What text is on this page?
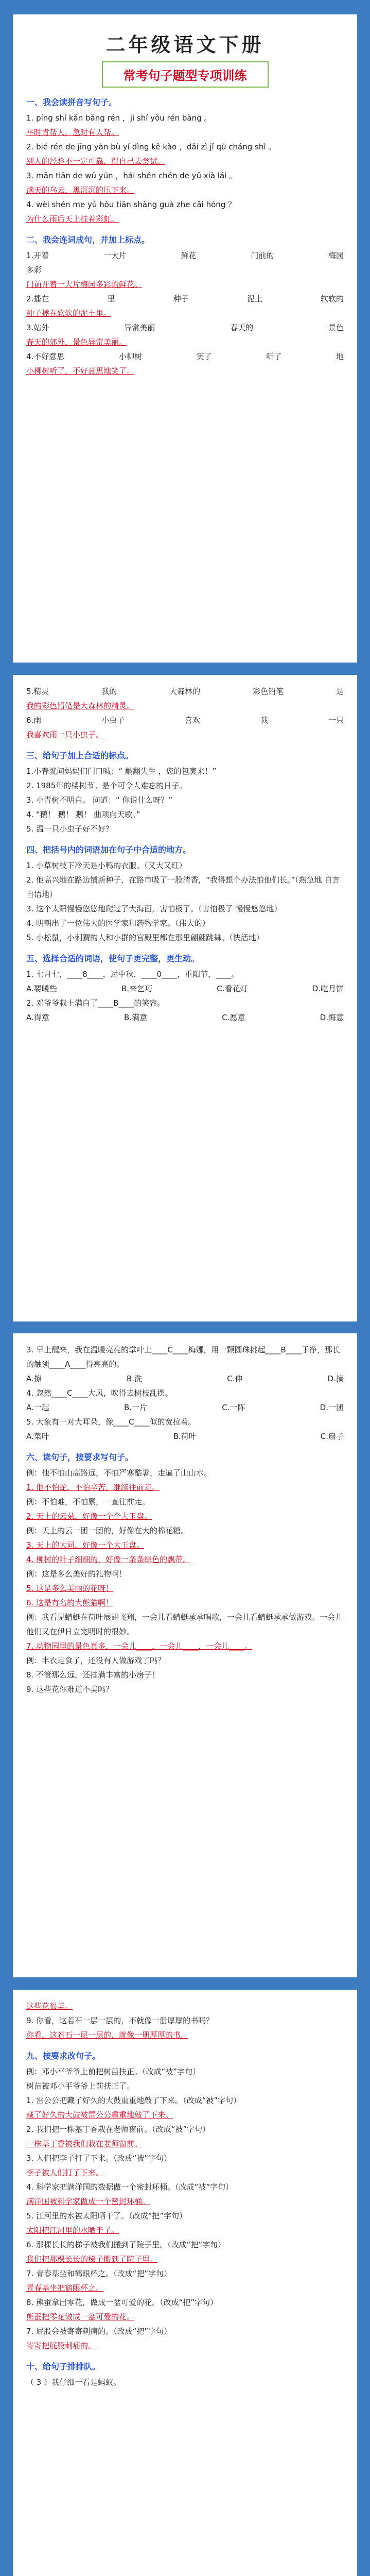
二年级语文下册
常考句子题型专项训练
一、我会读拼音写句子。
1. píng shí kǎn bǎng rén ，jí shí yǒu rén bāng 。
平时肯帮人，急时有人帮。
2. bié rén de jīng yàn bù yí dìng kě kào ，dǎi zì jǐ qù cháng shì 。
别人的经验不一定可靠，得自己去尝试。
3. mǎn tiān de wū yún ，hái shén chén de yǔ xià lái 。
满天的乌云，黑沉沉的压下来。
4. wèi shén me yǔ hòu tiān shàng guà zhe cǎi hóng ？
为什么雨后天上挂着彩虹。
二、我会连词成句，并加上标点。
1.开着	一大片	鲜花	门前的	梅园
多彩
门前开着一大片梅园多彩的鲜花。
2.播在	里	种子	泥土	软软的
种子播在软软的泥土里。
3.姑外	异常美丽	春天的	景色
春天的郊外，景色异常美丽。
4.不好意思	小柳树	笑了	听了	地
小柳树听了，不好意思地笑了。
5.精灵	我的	大森林的	彩色铅笔	是
我的彩色铅笔是大森林的精灵。
6.雨	小虫子	喜欢	我	一只
我喜欢雨一只小虫子。
三、给句子加上合适的标点。
1.小春就问妈妈们门口喊：“ 翻翻失生 ，您的包裹来！”
2. 1985年的楼树节。是个可令人难忘的日子。
3. 小青树不明白。 问道：“ 你说什么呀？”
4. “鹅！ 鹅！ 鹅！ 曲项向天歌。”
5. 温一只小虫子好不好？
四、把括号内的词语加在句子中合适的地方。
1. 小草树枝下冷天是小鸭的衣服。（又大又红）
2. 他高兴地在路边铺新种子，在路市吸了一股清香，“我得想个办法怕他们长。”（熟急地 自言自语地）
3. 这个太阳慢慢悠悠地爬过了大海面，害怕极了。（害怕极了 慢慢悠悠地）
4. 明朝出了一位伟大的医学家和药物学家。（伟大的）
5. 小松鼠，小刺猬的人和小群的宫殿里都在那里翩翩跳舞。（快活地）
五、选择合适的词语，使句子更完整，更生动。
1. 七月七，____8____，过中秋，____0____，重阳节，____。
A.要暖些	B.来乞巧	C.看花灯	D.吃月饼
2. 邓爷爷栽上满白了____B____的笑容。
A.得意	B.满意	C.愿意	D.悔意
3. 早上醒来，我在温暖亮亮的掌叶上____C____梅娜，用一颗圆珠挑起____B____于净，那长的触须____A____得亮亮的。
A.擦	B.洗	C.伸	D.摘
4. 忽然____C____大风，吹得去树枝乱摆。
A.一起	B.一片	C.一阵	D.一团
5. 大象有一对大耳朵，像____C____似的宽拉着。
A.菜叶	B.荷叶	C.扇子
六、读句子，按要求写句子。
例：他不怕山高路远，不怕严寒酷暑，走遍了山山水。
1. 他不怕蛇，不怕辛苦，继续往前走。
例：不怕难，不怕累，一直往前走。
2. 天上的云朵，好像一个个大玉盘。
例：天上的云一团一团的，好像在大的棉花糖。
3. 天上的大同，好像一个大玉盘。
4. 柳树的叶子细细的，好像一条条绿色的飘带。
例：这是多么美好的礼物啊！
5. 这是多么美丽的花呀！
6. 这是有名的大熊猫啊！
例：我看见蜻蜓在荷叶展翅飞翔，一会儿看蜻蜓承承唱歌，一会儿看蜻蜓承承做游戏。一会儿他们又在伊日立完明时的很妙。
7. 动物园里的景色真多，一会儿____，一会儿____，一会儿____。
例：丰衣足食了，还没有人做游戏了吗？
8. 不管那么远，还挂满丰富的小房子！
9. 这些花你难道不美吗？
这些花很美。
9. 你看，这若石一层一层的，不就像一册厚厚的书吗？
你看，这若石一层一层的，就像一册厚厚的书。
九、按要求改句子。
例：邓小平爷爷上前把树苗扶正。（改成“被”字句）
树苗被邓小平爷爷上前扶正了。
1. 雷公公把藏了好久的大鼓重重地敲了下来。（改成“被”字句）
藏了好久的大鼓被雷公公重重地敲了下来。
2. 我们把一株基丁香栽在老师窗前。（改成“被”字句）
一株基丁香被我们栽在老师窗前。
3. 人们把李子打了下来。（改成“被”字句）
李子被人们打了下来。
4. 科学家把满洋国的数据做一个密封环桶。（改成“被”字句）
满洋国被科学家做成一个密封环桶。
5. 江河里的水被太阳晒干了。（改成“把”字句）
太阳把江河里的水晒干了。
6. 那棵长长的梯子被我们搬到了院子里。（改成“把”字句）
我们把那棵长长的梯子搬到了院子里。
7. 青春基坐和鹤眼杯之。（改成“把”字句）
青春基坐把鹤眼杯之。
8. 熊蚕拿出零花，做成一盆可爱的花。（改成“把”字句）
熊蚕把零花做成一盆可爱的花。
7. 屁股会被寄寄刺痛的。（改成“把”字句）
寄寄把屁股刺痛的。
十、给句子排排队。
（ 3 ）我仔细一看是蚂蚁。
